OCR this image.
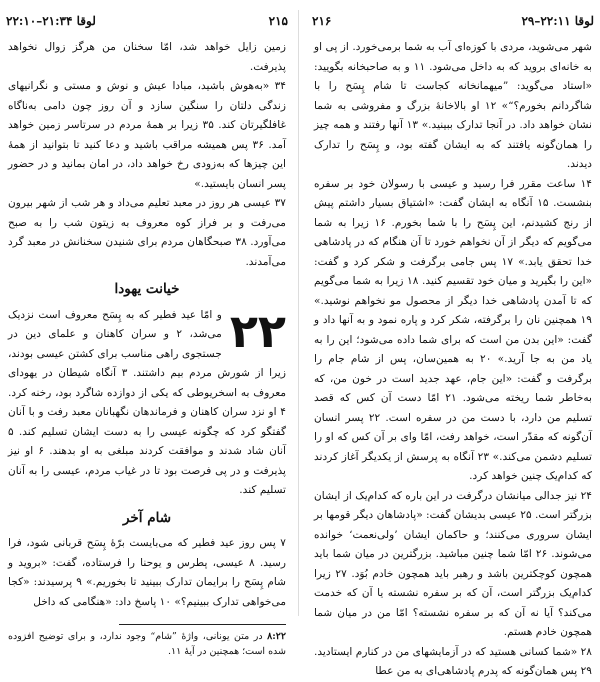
لوقا ۲۲:۱۱–۲۹
۲۱۶

شهر می‌شوید، مردی با کوزه‌ای آب به شما برمی‌خورد. از پی او به خانه‌ای بروید که به داخل می‌شود. ۱۱ و به صاحبخانه بگویید: «استاد می‌گوید: ”میهمانخانه کجاست تا شام پِسَح را با شاگردانم بخورم؟“» ۱۲ او بالاخانهٔ بزرگ و مفروشی به شما نشان خواهد داد. در آنجا تدارک ببینید.» ۱۳ آنها رفتند و همه چیز را همان‌گونه یافتند که به ایشان گفته بود، و پِسَح را تدارک دیدند.

۱۴ ساعت مقرر فرا رسید و عیسی با رسولان خود بر سفره بنشست. ۱۵ آنگاه به ایشان گفت: «اشتیاق بسیار داشتم پیش از رنج کشیدنم، این پِسَح را با شما بخورم. ۱۶ زیرا به شما می‌گویم که دیگر از آن نخواهم خورد تا آن هنگام که در پادشاهی خدا تحقق یابد.» ۱۷ پس جامی برگرفت و شکر کرد و گفت: «این را بگیرید و میان خود تقسیم کنید. ۱۸ زیرا به شما می‌گویم که تا آمدن پادشاهی خدا دیگر از محصول مو نخواهم نوشید.» ۱۹ همچنین نان را برگرفته، شکر کرد و پاره نمود و به آنها داد و گفت: «این بدن من است که برای شما داده می‌شود؛ این را به یاد من به جا آرید.» ۲۰ به همین‌سان، پس از شام جام را برگرفت و گفت: «این جام، عهد جدید است در خون من، که به‌خاطر شما ریخته می‌شود. ۲۱ امّا دست آن کس که قصد تسلیم من دارد، با دست من در سفره است. ۲۲ پسر انسان آن‌گونه که مقدّر است، خواهد رفت، امّا وای بر آن کس که او را تسلیم دشمن می‌کند.» ۲۳ آنگاه به پرسش از یکدیگر آغاز کردند که کدام‌یک چنین خواهد کرد.

۲۴ نیز جدالی میانشان درگرفت در این باره که کدام‌یک از ایشان بزرگتر است. ۲۵ عیسی بدیشان گفت: «پادشاهان دیگر قومها بر ایشان سروری می‌کنند؛ و حاکمان ایشان ’ولی‌نعمت‘ خوانده می‌شوند. ۲۶ امّا شما چنین مباشید. بزرگترین در میان شما باید همچون کوچکترین باشد و رهبر باید همچون خادم بُوَد. ۲۷ زیرا کدام‌یک بزرگتر است، آن که بر سفره نشسته یا آن که خدمت می‌کند؟ آیا نه آن که بر سفره نشسته؟ امّا من در میان شما همچون خادم هستم.

۲۸ «شما کسانی هستید که در آزمایشهای من در کنارم ایستادید. ۲۹ پس همان‌گونه که پدرم پادشاهی‌ای به من عطا

لوقا ۲۱:۳۴–۲۲:۱۰	۲۱۵

زمین زایل خواهد شد، امّا سخنان من هرگز زوال نخواهد پذیرفت.

۳۴ «به‌هوش باشید، مبادا عیش و نوش و مستی و نگرانیهای زندگی دلتان را سنگین سازد و آن روز چون دامی به‌ناگاه غافلگیرتان کند. ۳۵ زیرا بر همهٔ مردم در سرتاسر زمین خواهد آمد. ۳۶ پس همیشه مراقب باشید و دعا کنید تا بتوانید از همهٔ این چیزها که به‌زودی رخ خواهد داد، در امان بمانید و در حضور پسر انسان بایستید.»

۳۷ عیسی هر روز در معبد تعلیم می‌داد و هر شب از شهر بیرون می‌رفت و بر فراز کوه معروف به زیتون شب را به صبح می‌آورد. ۳۸ صبحگاهان مردم برای شنیدن سخنانش در معبد گرد می‌آمدند.

خیانت یهودا
۲۲

و امّا عید فطیر که به پِسَح معروف است نزدیک می‌شد، ۲ و سران کاهنان و علمای دین در جستجوی راهی مناسب برای کشتن عیسی بودند، زیرا از شورش مردم بیم داشتند. ۳ آنگاه شیطان در یهودای معروف به اسخریوطی که یکی از دوازده شاگرد بود، رخنه کرد. ۴ او نزد سران کاهنان و فرماندهان نگهبانان معبد رفت و با آنان گفتگو کرد که چگونه عیسی را به دست ایشان تسلیم کند. ۵ آنان شاد شدند و موافقت کردند مبلغی به او بدهند. ۶ او نیز پذیرفت و در پی فرصت بود تا در غیاب مردم، عیسی را به آنان تسلیم کند.

شام آخر

۷ پس روز عید فطیر که می‌بایست برّهٔ پِسَح قربانی شود، فرا رسید. ۸ عیسی، پطرس و یوحنا را فرستاده، گفت: «بروید و شام پِسَح را برایمان تدارک ببینید تا بخوریم.» ۹ پرسیدند: «کجا می‌خواهی تدارک ببینیم؟» ۱۰ پاسخ داد: «هنگامی که داخل

۸:۲۲ در متن یونانی، واژهٔ ”شام“ وجود ندارد، و برای توضیح افزوده شده است؛ همچنین در آیهٔ ۱۱.
